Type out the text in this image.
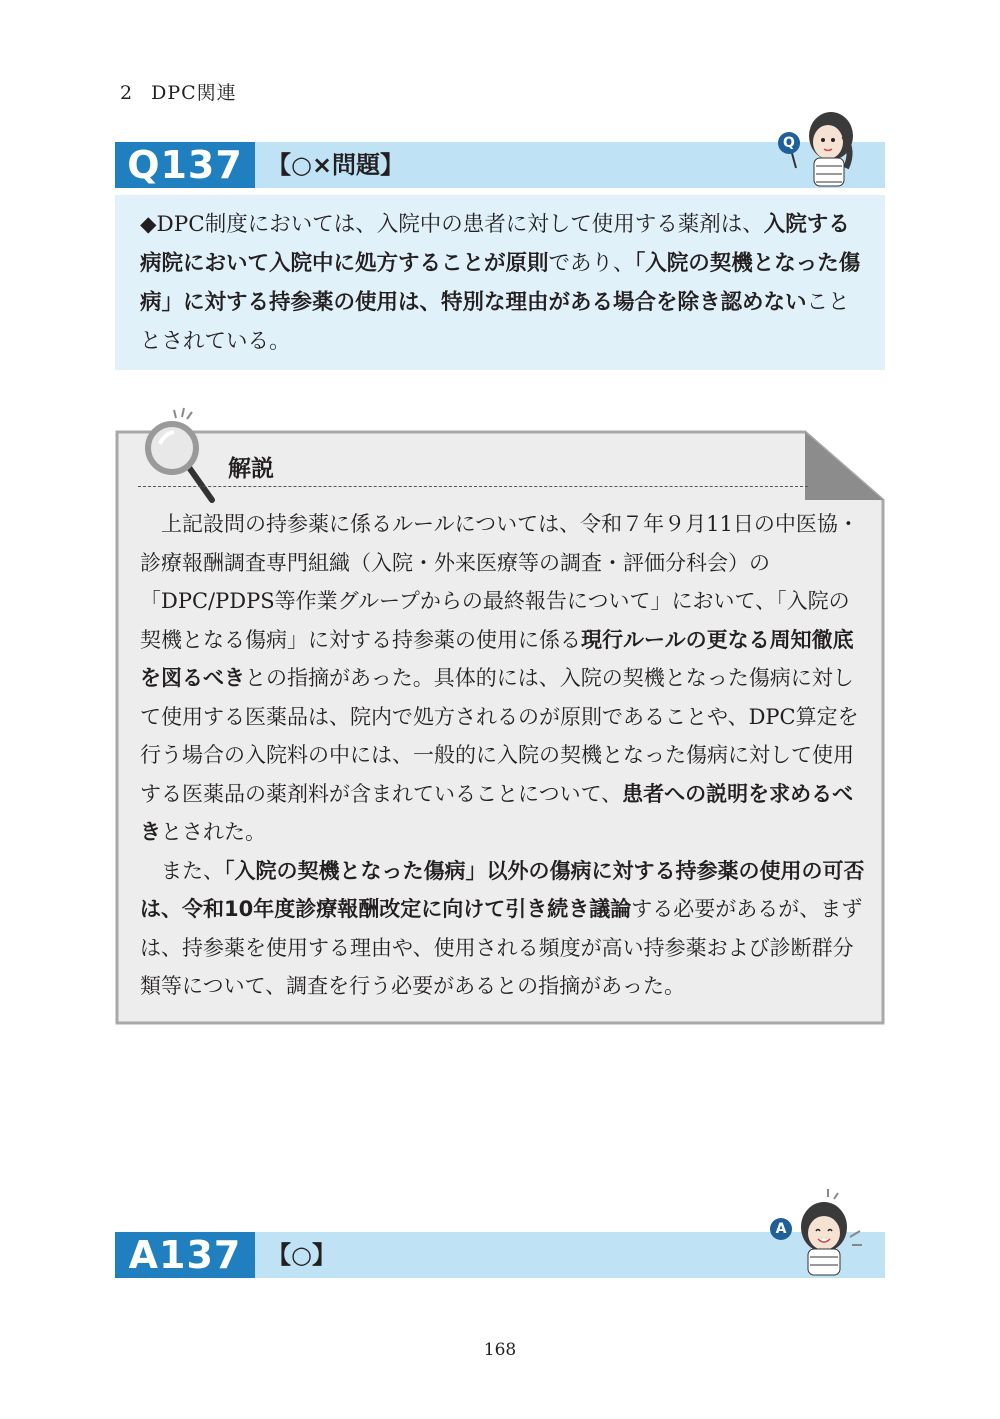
2 DPC関連
Q137	【○×問題】
Q
◆DPC制度においては、入院中の患者に対して使用する薬剤は、入院する病院において入院中に処方することが原則であり、「入院の契機となった傷病」に対する持参薬の使用は、特別な理由がある場合を除き認めないこととされている。
解説

上記設問の持参薬に係るルールについては、令和７年９月11日の中医協・診療報酬調査専門組織（入院・外来医療等の調査・評価分科会）の「DPC/PDPS等作業グループからの最終報告について」において、「入院の契機となる傷病」に対する持参薬の使用に係る現行ルールの更なる周知徹底を図るべきとの指摘があった。具体的には、入院の契機となった傷病に対して使用する医薬品は、院内で処方されるのが原則であることや、DPC算定を行う場合の入院料の中には、一般的に入院の契機となった傷病に対して使用する医薬品の薬剤料が含まれていることについて、患者への説明を求めるべきとされた。

また、「入院の契機となった傷病」以外の傷病に対する持参薬の使用の可否は、令和10年度診療報酬改定に向けて引き続き議論する必要があるが、まずは、持参薬を使用する理由や、使用される頻度が高い持参薬および診断群分類等について、調査を行う必要があるとの指摘があった。

A137	【○】
A
168
